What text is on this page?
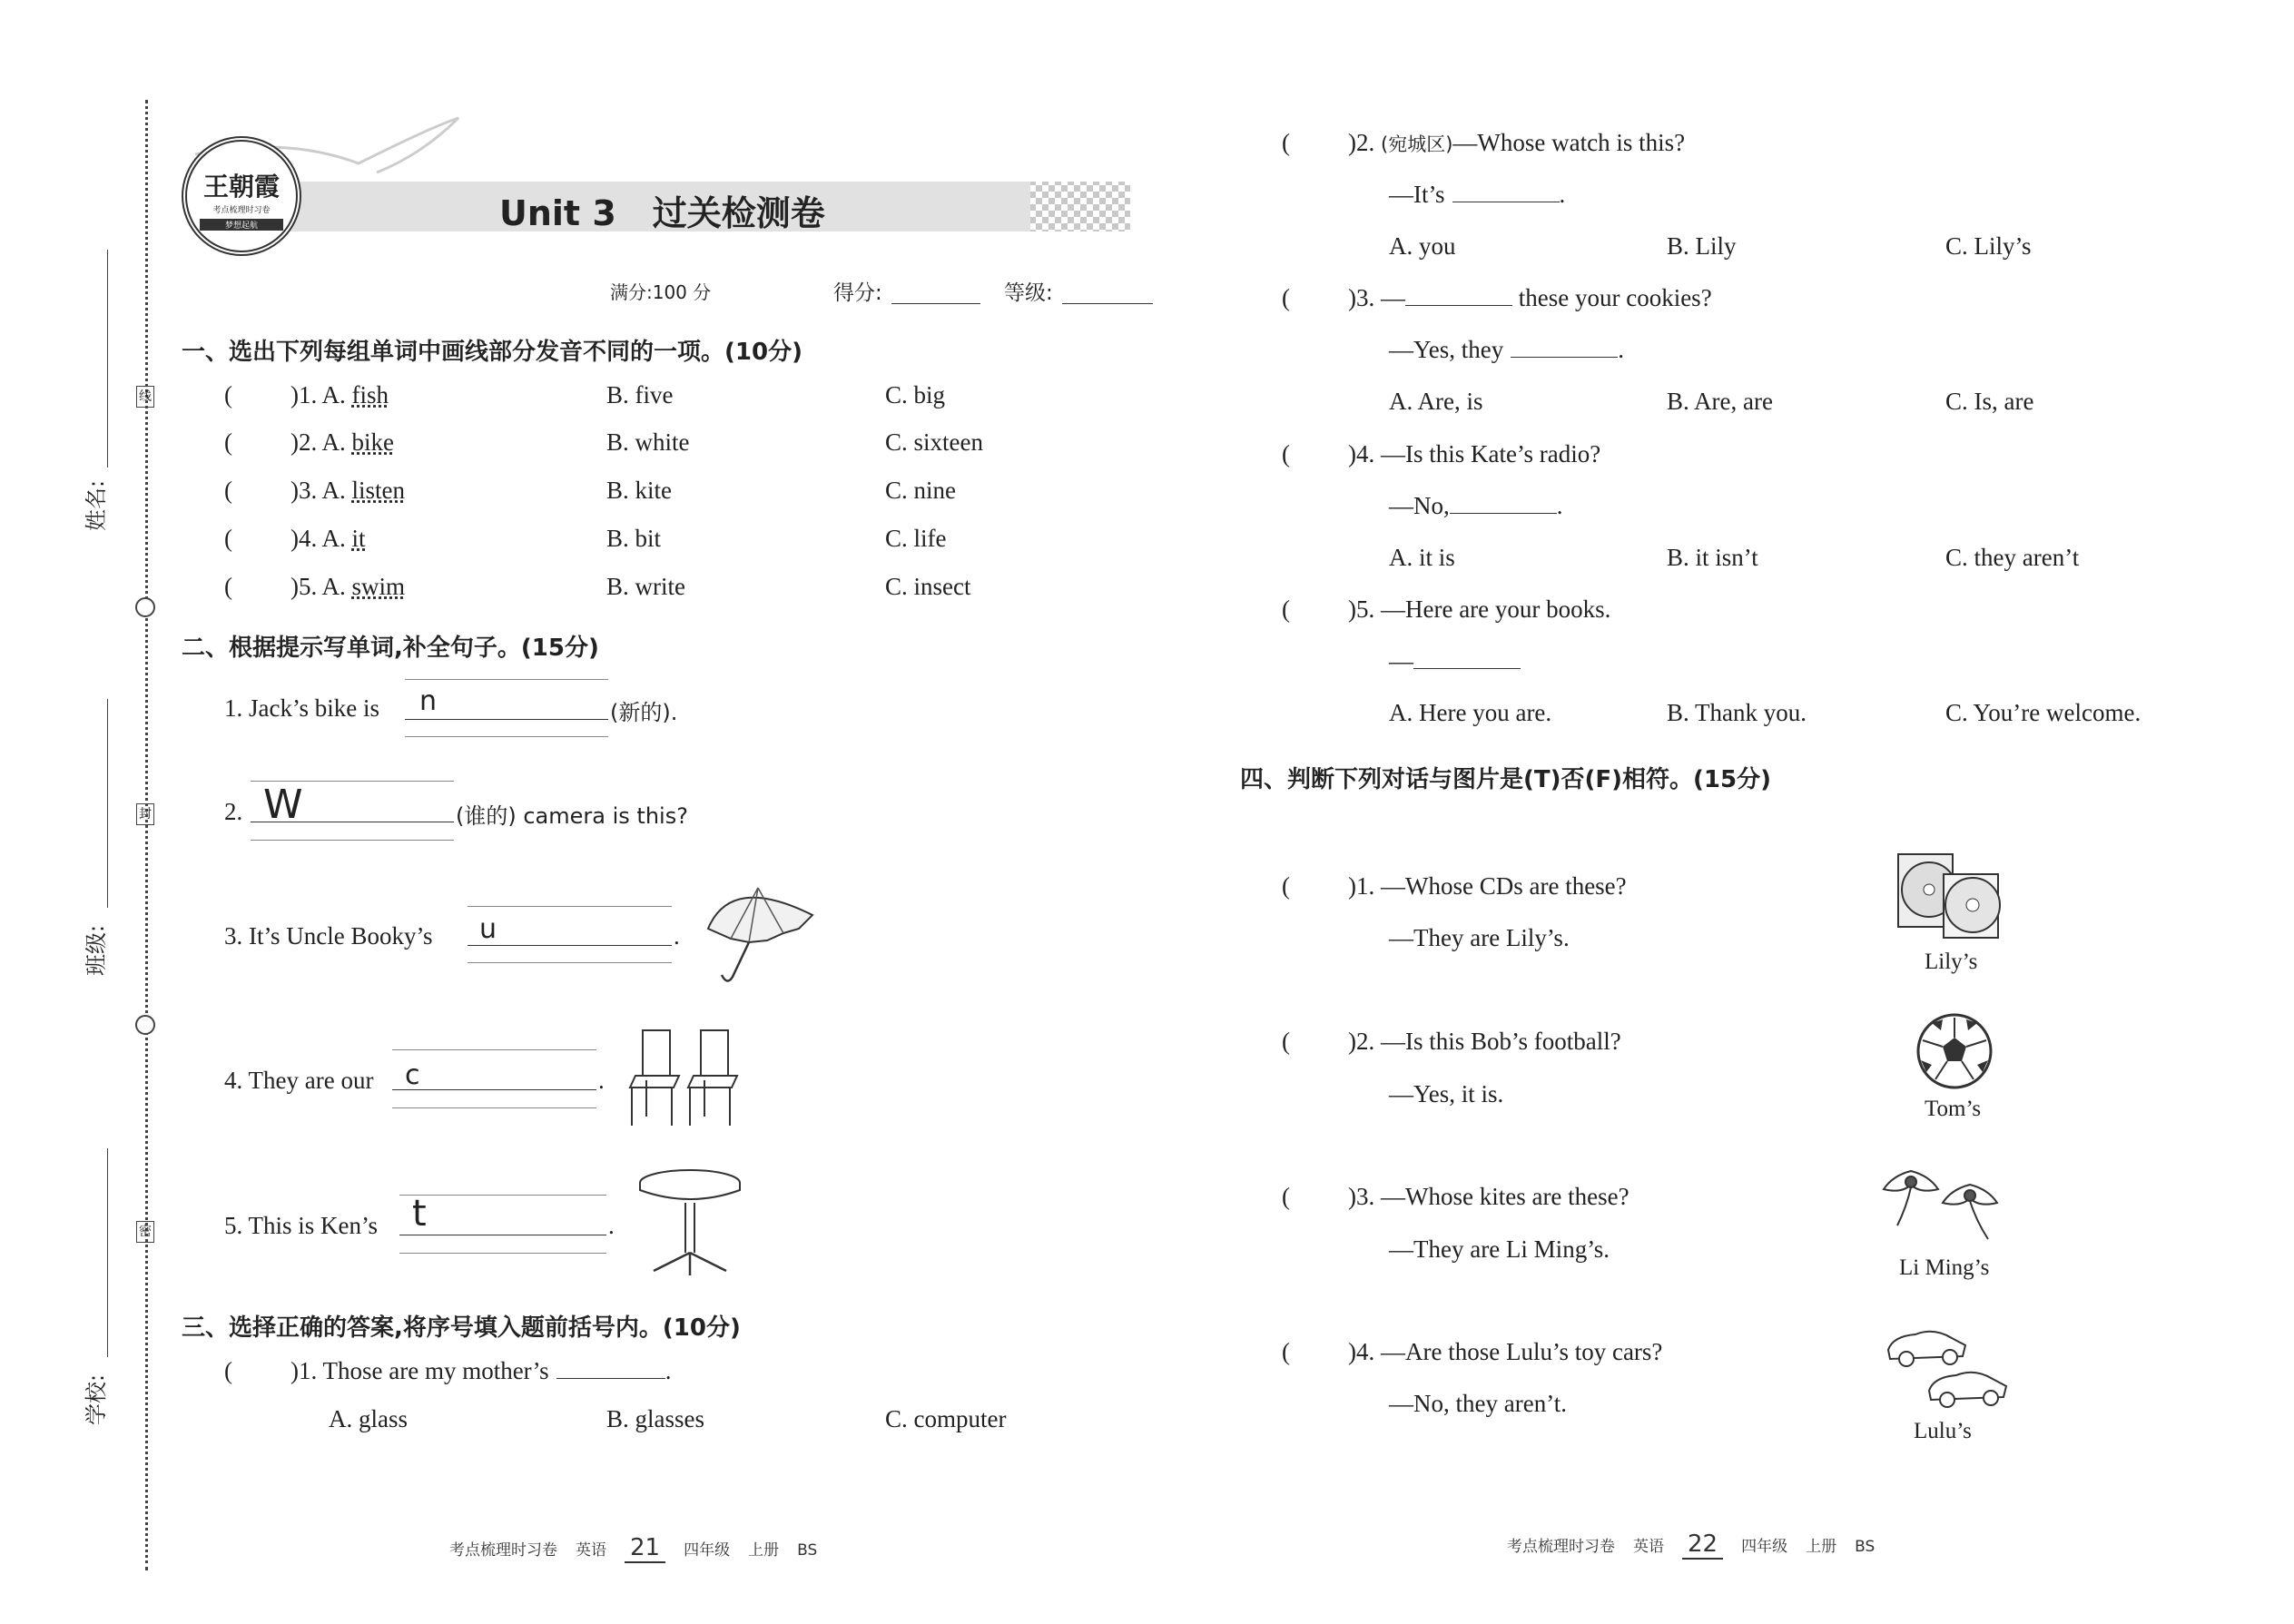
线
封
密
姓名:
班级:
学校:
王朝霞
考点梳理时习卷
梦想起航	Unit 3 过关检测卷
满分:100 分	得分:	等级:
一、选出下列每组单词中画线部分发音不同的一项。(10分)
( )1. A. fish	B. five	C. big
( )2. A. bike	B. white	C. sixteen
( )3. A. listen	B. kite	C. nine
( )4. A. it	B. bit	C. life
( )5. A. swim	B. write	C. insect
二、根据提示写单词,补全句子。(15分)
1. Jack’s bike is n	(新的).
2. W	(谁的) camera is this?
3. It’s Uncle Booky’s u	.
4. They are our c	.
5. This is Ken’s t	.
三、选择正确的答案,将序号填入题前括号内。(10分)
( )1. Those are my mother’s	.
A. glass	B. glasses	C. computer
考点梳理时习卷 英语 21 四年级 上册 BS
( )2. (宛城区)—Whose watch is this?
—It’s	.
A. you	B. Lily	C. Lily’s
( )3. —	these your cookies?
—Yes, they	.
A. Are, is	B. Are, are	C. Is, are
( )4. —Is this Kate’s radio?
—No,	.
A. it is	B. it isn’t	C. they aren’t
( )5. —Here are your books.
—
A. Here you are.	B. Thank you.	C. You’re welcome.
四、判断下列对话与图片是(T)否(F)相符。(15分)
( )1. —Whose CDs are these?
—They are Lily’s.
Lily’s
( )2. —Is this Bob’s football?
—Yes, it is.
Tom’s
( )3. —Whose kites are these?
—They are Li Ming’s.
Li Ming’s
( )4. —Are those Lulu’s toy cars?
—No, they aren’t.
Lulu’s
考点梳理时习卷 英语 22 四年级 上册 BS
